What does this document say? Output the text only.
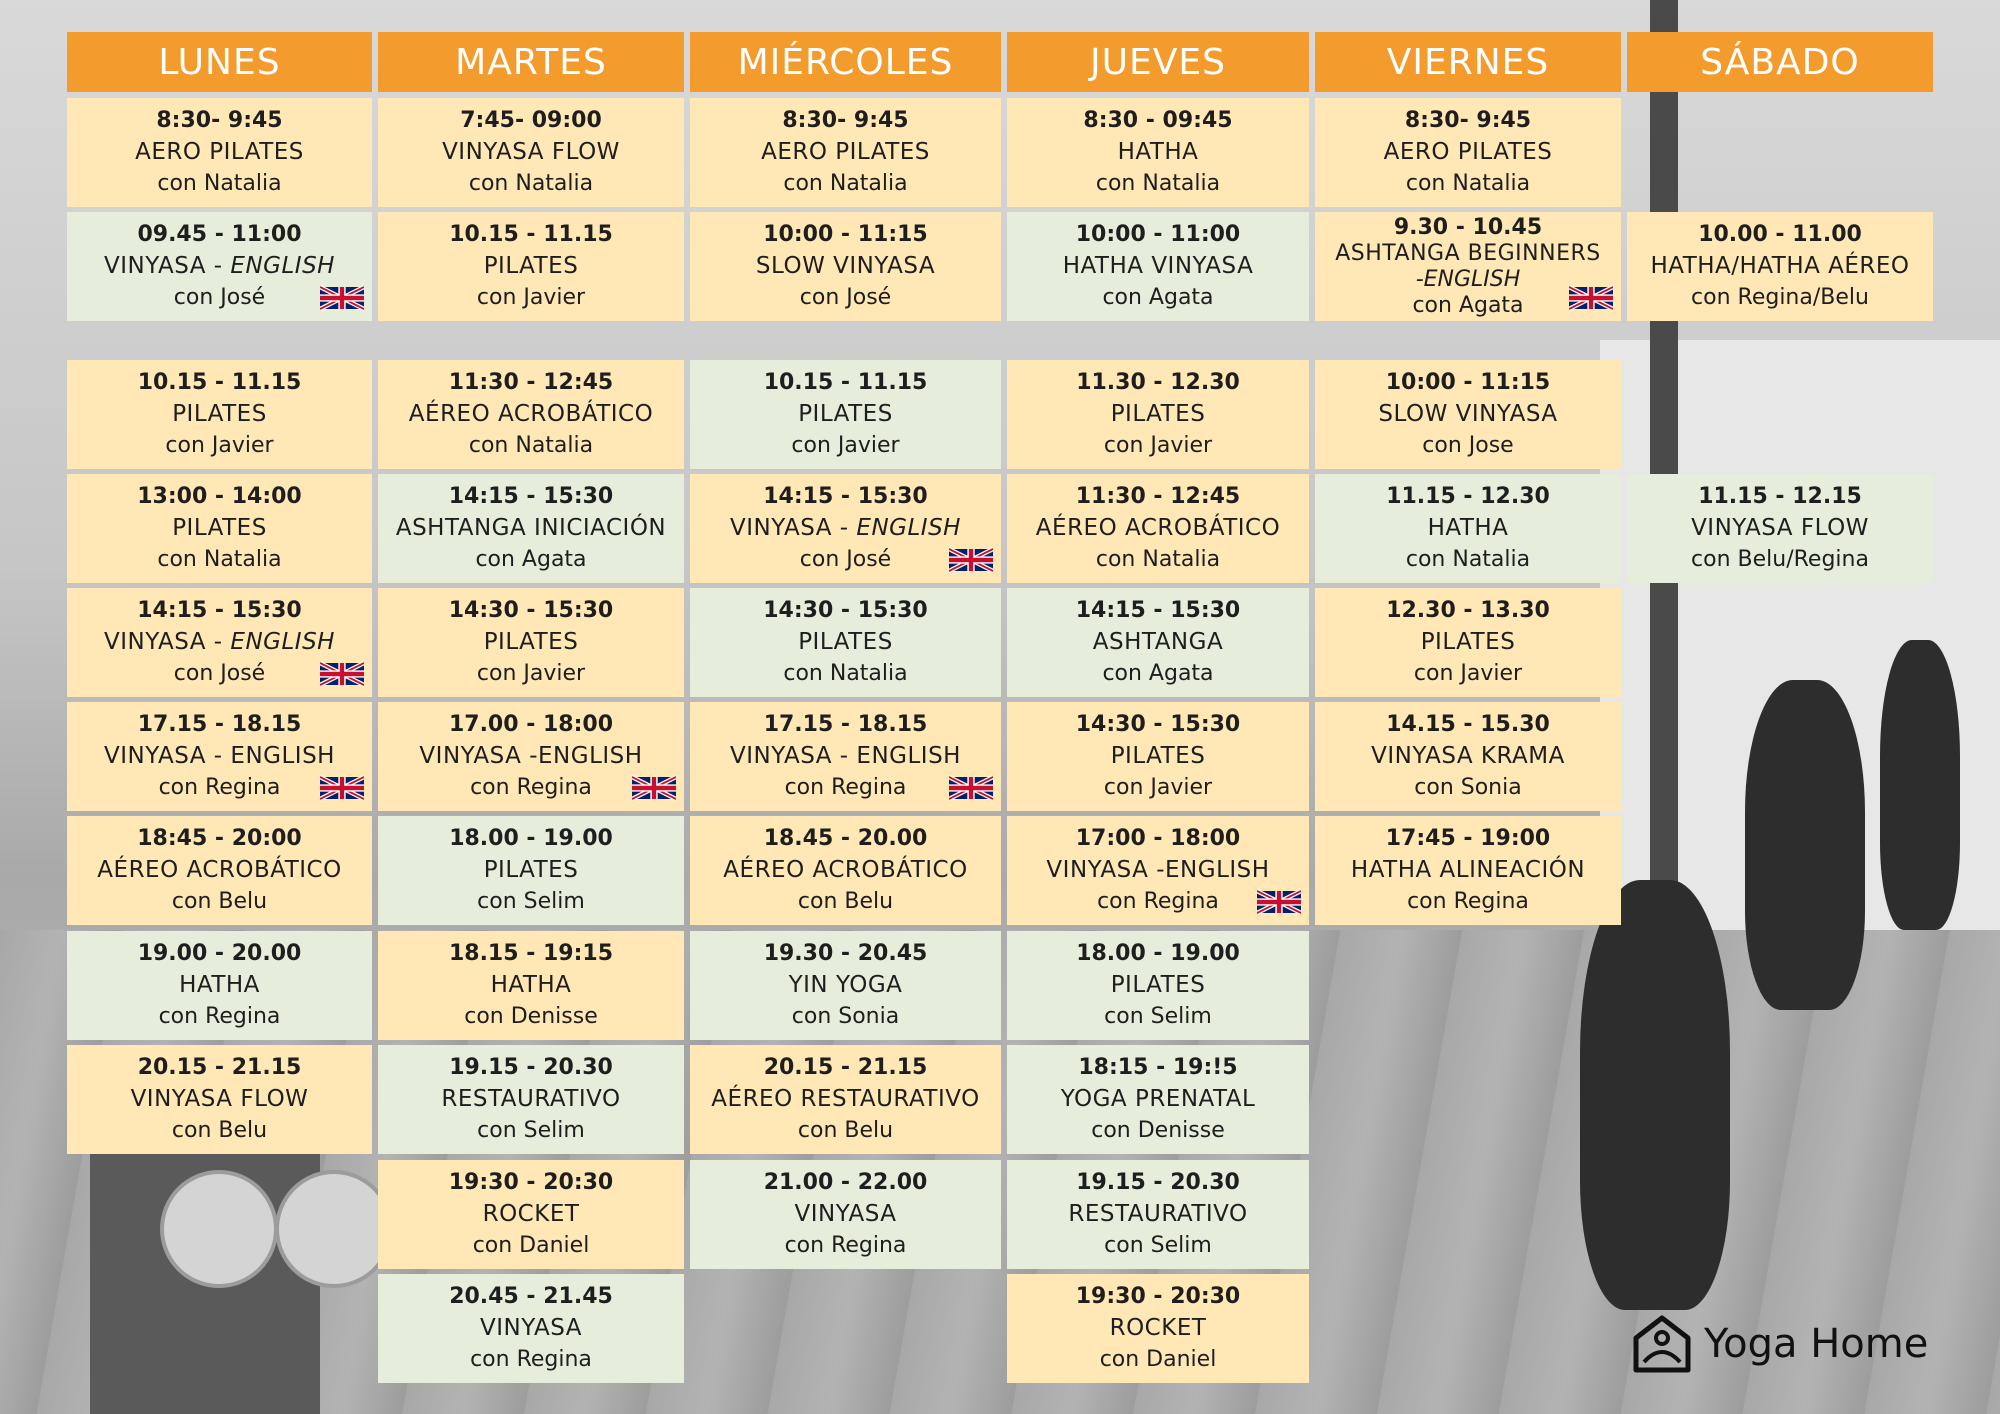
LUNES
8:30- 9:45
AERO PILATES
con Natalia
09.45 - 11:00
VINYASA - ENGLISH
con José
10.15 - 11.15
PILATES
con Javier
13:00 - 14:00
PILATES
con Natalia
14:15 - 15:30
VINYASA - ENGLISH
con José
17.15 - 18.15
VINYASA - ENGLISH
con Regina
18:45 - 20:00
AÉREO ACROBÁTICO
con Belu
19.00 - 20.00
HATHA
con Regina
20.15 - 21.15
VINYASA FLOW
con Belu
MARTES
7:45- 09:00
VINYASA FLOW
con Natalia
10.15 - 11.15
PILATES
con Javier
11:30 - 12:45
AÉREO ACROBÁTICO
con Natalia
14:15 - 15:30
ASHTANGA INICIACIÓN
con Agata
14:30 - 15:30
PILATES
con Javier
17.00 - 18:00
VINYASA -ENGLISH
con Regina
18.00 - 19.00
PILATES
con Selim
18.15 - 19:15
HATHA
con Denisse
19.15 - 20.30
RESTAURATIVO
con Selim
19:30 - 20:30
ROCKET
con Daniel
20.45 - 21.45
VINYASA
con Regina
MIÉRCOLES
8:30- 9:45
AERO PILATES
con Natalia
10:00 - 11:15
SLOW VINYASA
con José
10.15 - 11.15
PILATES
con Javier
14:15 - 15:30
VINYASA - ENGLISH
con José
14:30 - 15:30
PILATES
con Natalia
17.15 - 18.15
VINYASA - ENGLISH
con Regina
18.45 - 20.00
AÉREO ACROBÁTICO
con Belu
19.30 - 20.45
YIN YOGA
con Sonia
20.15 - 21.15
AÉREO RESTAURATIVO
con Belu
21.00 - 22.00
VINYASA
con Regina
JUEVES
8:30 - 09:45
HATHA
con Natalia
10:00 - 11:00
HATHA VINYASA
con Agata
11.30 - 12.30
PILATES
con Javier
11:30 - 12:45
AÉREO ACROBÁTICO
con Natalia
14:15 - 15:30
ASHTANGA
con Agata
14:30 - 15:30
PILATES
con Javier
17:00 - 18:00
VINYASA -ENGLISH
con Regina
18.00 - 19.00
PILATES
con Selim
18:15 - 19:!5
YOGA PRENATAL
con Denisse
19.15 - 20.30
RESTAURATIVO
con Selim
19:30 - 20:30
ROCKET
con Daniel
VIERNES
8:30- 9:45
AERO PILATES
con Natalia
9.30 - 10.45
ASHTANGA BEGINNERS
-ENGLISH
con Agata
10:00 - 11:15
SLOW VINYASA
con Jose
11.15 - 12.30
HATHA
con Natalia
12.30 - 13.30
PILATES
con Javier
14.15 - 15.30
VINYASA KRAMA
con Sonia
17:45 - 19:00
HATHA ALINEACIÓN
con Regina
SÁBADO
10.00 - 11.00
HATHA/HATHA AÉREO
con Regina/Belu
11.15 - 12.15
VINYASA FLOW
con Belu/Regina
Yoga Home
